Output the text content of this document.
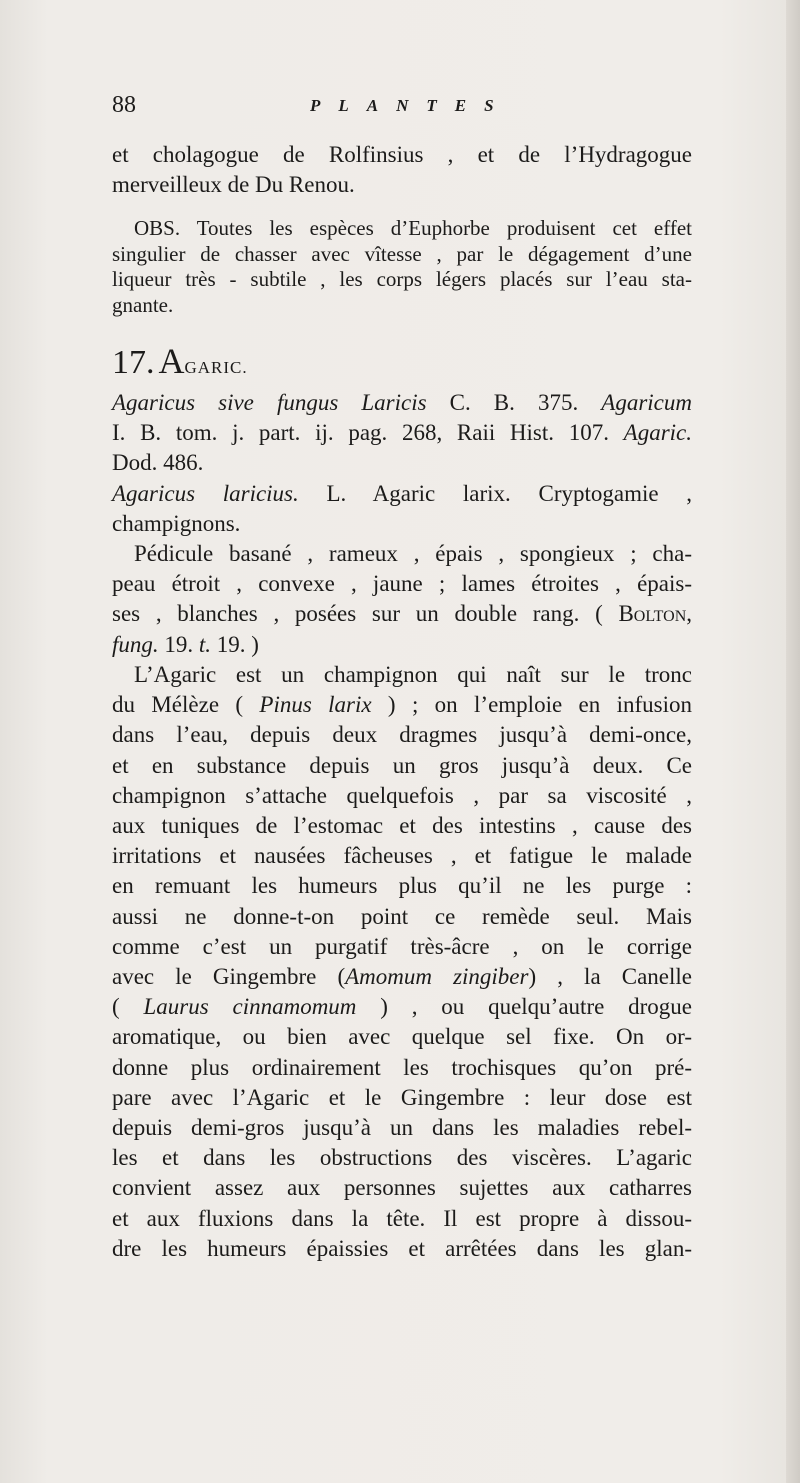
88	PLANTES
et cholagogue de Rolfinsius , et de l’Hydragogue
merveilleux de Du Renou.
OBS. Toutes les espèces d’Euphorbe produisent cet effet
singulier de chasser avec vîtesse , par le dégagement d’une
liqueur très - subtile , les corps légers placés sur l’eau sta-
gnante.
17. AGARIC.
Agaricus sive fungus Laricis C. B. 375. Agaricum
I. B. tom. j. part. ij. pag. 268, Raii Hist. 107. Agaric.
Dod. 486.
Agaricus laricius. L. Agaric larix. Cryptogamie ,
champignons.
Pédicule basané , rameux , épais , spongieux ; cha-
peau étroit , convexe , jaune ; lames étroites , épais-
ses , blanches , posées sur un double rang. ( Bolton,
fung. 19. t. 19. )
L’Agaric est un champignon qui naît sur le tronc
du Mélèze ( Pinus larix ) ; on l’emploie en infusion
dans l’eau, depuis deux dragmes jusqu’à demi-once,
et en substance depuis un gros jusqu’à deux. Ce
champignon s’attache quelquefois , par sa viscosité ,
aux tuniques de l’estomac et des intestins , cause des
irritations et nausées fâcheuses , et fatigue le malade
en remuant les humeurs plus qu’il ne les purge :
aussi ne donne-t-on point ce remède seul. Mais
comme c’est un purgatif très-âcre , on le corrige
avec le Gingembre (Amomum zingiber) , la Canelle
( Laurus cinnamomum ) , ou quelqu’autre drogue
aromatique, ou bien avec quelque sel fixe. On or-
donne plus ordinairement les trochisques qu’on pré-
pare avec l’Agaric et le Gingembre : leur dose est
depuis demi-gros jusqu’à un dans les maladies rebel-
les et dans les obstructions des viscères. L’agaric
convient assez aux personnes sujettes aux catharres
et aux fluxions dans la tête. Il est propre à dissou-
dre les humeurs épaissies et arrêtées dans les glan-
